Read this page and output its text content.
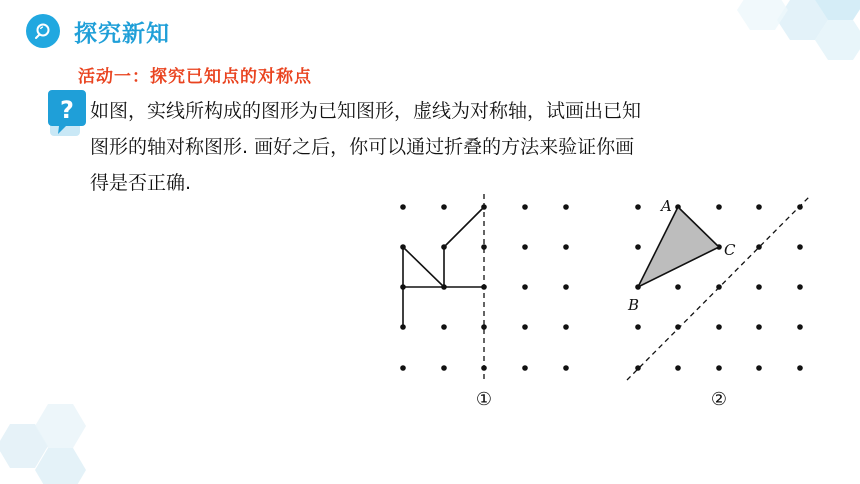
探究新知
活动一：探究已知点的对称点
? 如图，实线所构成的图形为已知图形，虚线为对称轴，试画出已知
图形的轴对称图形. 画好之后，你可以通过折叠的方法来验证你画
得是否正确.
①
A
C
B
②
